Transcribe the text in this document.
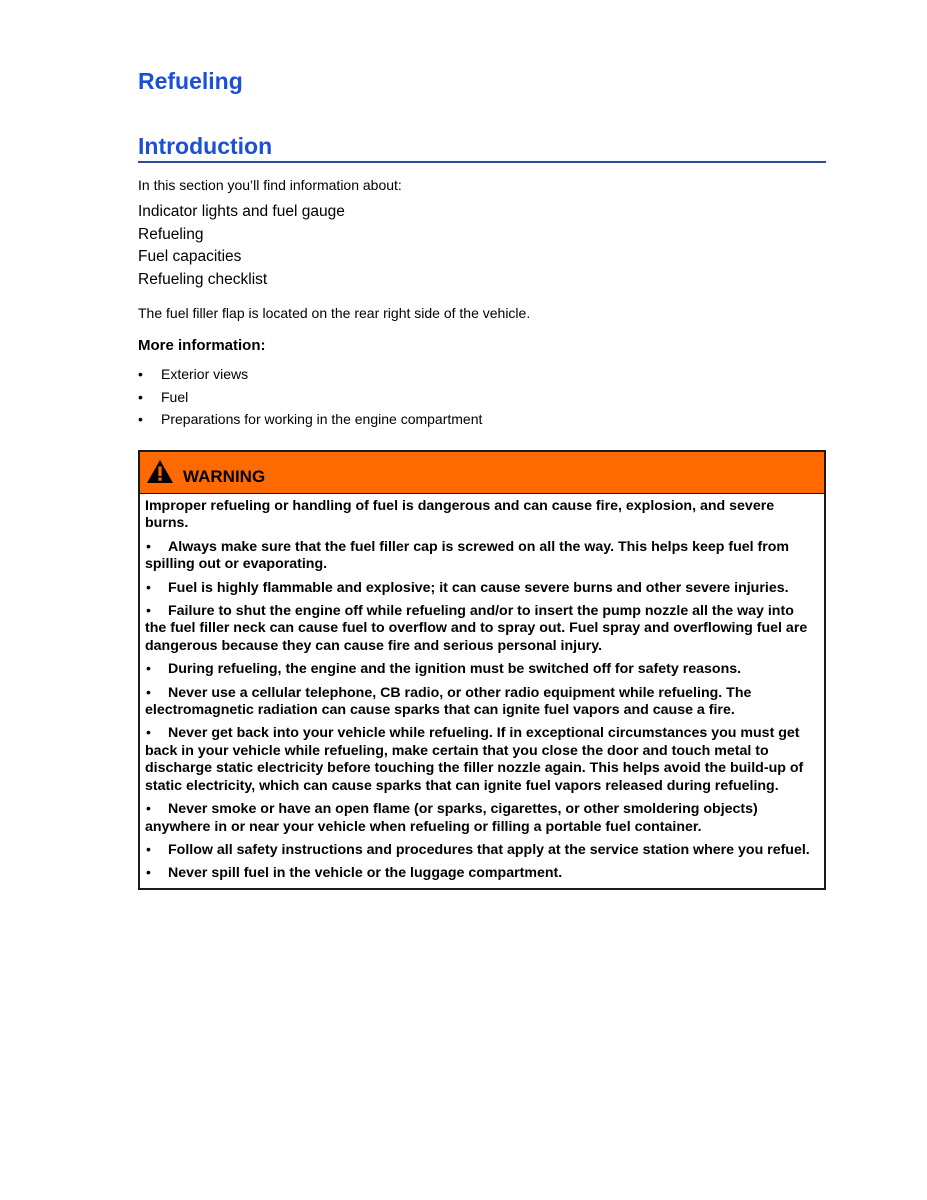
Refueling
Introduction

In this section you’ll find information about:

Indicator lights and fuel gauge
Refueling
Fuel capacities
Refueling checklist

The fuel filler flap is located on the rear right side of the vehicle.

More information:

• Exterior views
• Fuel
• Preparations for working in the engine compartment
WARNING

Improper refueling or handling of fuel is dangerous and can cause fire, explosion, and severe burns.

• Always make sure that the fuel filler cap is screwed on all the way. This helps keep fuel from spilling out or evaporating.

• Fuel is highly flammable and explosive; it can cause severe burns and other severe injuries.

• Failure to shut the engine off while refueling and/or to insert the pump nozzle all the way into the fuel filler neck can cause fuel to overflow and to spray out. Fuel spray and overflowing fuel are dangerous because they can cause fire and serious personal injury.

• During refueling, the engine and the ignition must be switched off for safety reasons.

• Never use a cellular telephone, CB radio, or other radio equipment while refueling. The electromagnetic radiation can cause sparks that can ignite fuel vapors and cause a fire.

• Never get back into your vehicle while refueling. If in exceptional circumstances you must get back in your vehicle while refueling, make certain that you close the door and touch metal to discharge static electricity before touching the filler nozzle again. This helps avoid the build-up of static electricity, which can cause sparks that can ignite fuel vapors released during refueling.

• Never smoke or have an open flame (or sparks, cigarettes, or other smoldering objects) anywhere in or near your vehicle when refueling or filling a portable fuel container.

• Follow all safety instructions and procedures that apply at the service station where you refuel.

• Never spill fuel in the vehicle or the luggage compartment.
